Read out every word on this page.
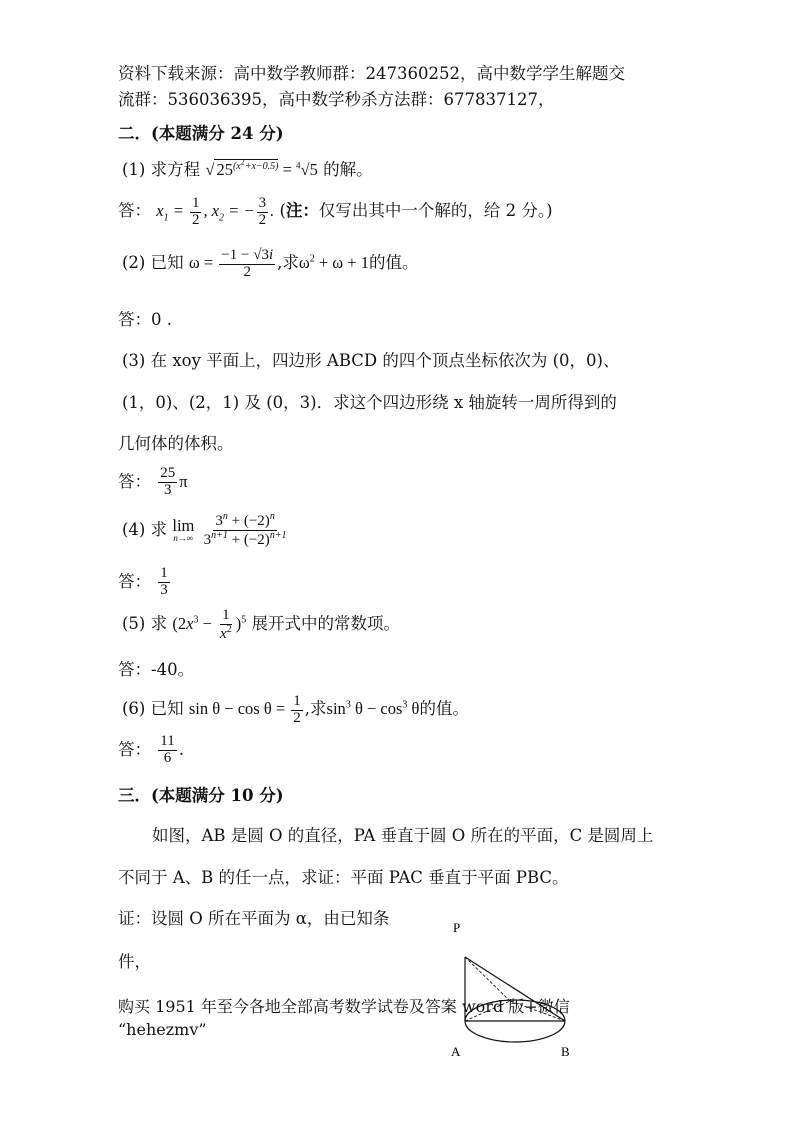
资料下载来源：高中数学教师群：247360252，高中数学学生解题交
流群：536036395，高中数学秒杀方法群：677837127，
二．(本题满分 24 分)
(1) 求方程 √ $25^{(x^2+x-0.5)} = ^4√5$ 的解。
答： $x_1 = \frac{1}{2}$ , $x_2$ = − $\frac{3}{2}$ . (注：仅写出其中一个解的，给 2 分。)
(2) 已知 $\omega = \frac{-1 - √3i}{2}$ ,求$\omega^2 + \omega + 1$的值。
答：0 .
(3) 在 xoy 平面上，四边形 ABCD 的四个顶点坐标依次为 (0，0)、
(1，0)、(2，1) 及 (0，3)．求这个四边形绕 x 轴旋转一周所得到的
几何体的体积。
答： $\frac{25}{3}$ π
(4) 求 lim
n→∞
$\frac{3^n + (-2)^n}{3^{n+1} + (-2)^{n+1}}$
答： $\frac{1}{3}$
(5) 求 $(2x^3 - \frac{1}{x^2} )^5$ 展开式中的常数项。
答：-40。
(6) 已知 $\sin \theta - \cos \theta = \frac{1}{2}$ ,求$\sin^3 \theta - \cos^3 \theta$的值。
答： $\frac{11}{6}$ .
三．(本题满分 10 分)
如图，AB 是圆 O 的直径，PA 垂直于圆 O 所在的平面，C 是圆周上
不同于 A、B 的任一点，求证：平面 PAC 垂直于平面 PBC。
证：设圆 O 所在平面为 α，由已知条
件，
购买 1951 年至今各地全部高考数学试卷及答案 word 版+微信
“hehezmv”
P
A	B
